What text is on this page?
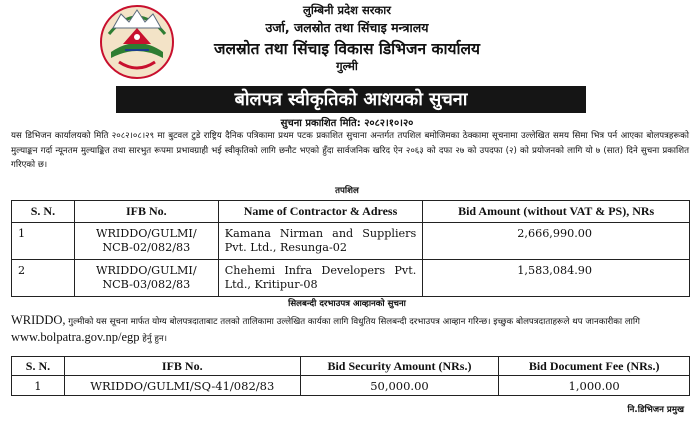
लुम्बिनी प्रदेश सरकार
उर्जा, जलस्रोत तथा सिंचाइ मन्त्रालय
जलस्रोत तथा सिंचाइ विकास डिभिजन कार्यालय
गुल्मी
बोलपत्र स्वीकृतिको आशयको सुचना
सुचना प्रकाशित मिति: २०८२।१०।२०
यस डिभिजन कार्यालयको मिति २०८२।०८।२९ मा बुटवल टुडे राष्ट्रिय दैनिक पत्रिकामा प्रथम पटक प्रकाशित सुचाना अन्तर्गत तपशिल बमोजिमका ठेक्कामा सूचनामा उल्लेखित समय सिमा भित्र पर्न आएका बोलपत्रहरूको मुल्याङ्कन गर्दा न्यूनतम मुल्याङ्कित तथा सारभुत रूपमा प्रभावग्राही भई स्वीकृतिको लागि छनौट भएको हुँदा सार्वजनिक खरिद ऐन २०६३ को दफा २७ को उपदफा (२) को प्रयोजनको लागि यो ७ (सात) दिने सुचना प्रकाशित गरिएको छ।
तपशिल
S. N.	IFB No.	Name of Contractor & Adress	Bid Amount (without VAT & PS), NRs
1	WRIDDO/GULMI/
NCB-02/082/83	Kamana Nirman and Suppliers Pvt. Ltd., Resunga-02	2,666,990.00
2	WRIDDO/GULMI/
NCB-03/082/83	Chehemi Infra Developers Pvt. Ltd., Kritipur-08	1,583,084.90
सिलबन्दी दरभाउपत्र आव्हानको सुचना
WRIDDO, गुल्मीको यस सूचना मार्फत योग्य बोलपत्रदाताबाट तलको तालिकामा उल्लेखित कार्यका लागि विधुतिय सिलबन्दी दरभाउपत्र आव्हान गरिन्छ। इच्छुक बोलपत्रदाताहरूले थप जानकारीका लागि www.bolpatra.gov.np/egp हेर्नु हुन।
S. N.	IFB No.	Bid Security Amount (NRs.)	Bid Document Fee (NRs.)
1	WRIDDO/GULMI/SQ-41/082/83	50,000.00	1,000.00
नि.डिभिजन प्रमुख
